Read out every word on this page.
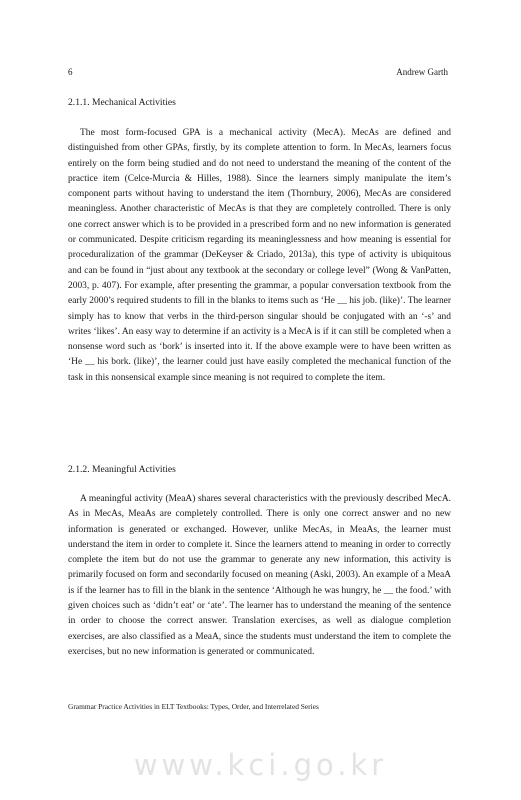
6	Andrew Garth
2.1.1. Mechanical Activities

The most form-focused GPA is a mechanical activity (MecA). MecAs are defined and distinguished from other GPAs, firstly, by its complete attention to form. In MecAs, learners focus entirely on the form being studied and do not need to understand the meaning of the content of the practice item (Celce-Murcia & Hilles, 1988). Since the learners simply manipulate the item’s component parts without having to understand the item (Thornbury, 2006), MecAs are considered meaningless. Another characteristic of MecAs is that they are completely controlled. There is only one correct answer which is to be provided in a prescribed form and no new information is generated or communicated. Despite criticism regarding its meaninglessness and how meaning is essential for proceduralization of the grammar (DeKeyser & Criado, 2013a), this type of activity is ubiquitous and can be found in “just about any textbook at the secondary or college level” (Wong & VanPatten, 2003, p. 407). For example, after presenting the grammar, a popular conversation textbook from the early 2000’s required students to fill in the blanks to items such as ‘He __ his job. (like)’. The learner simply has to know that verbs in the third-person singular should be conjugated with an ‘-s’ and writes ‘likes’. An easy way to determine if an activity is a MecA is if it can still be completed when a nonsense word such as ‘bork’ is inserted into it. If the above example were to have been written as ‘He __ his bork. (like)’, the learner could just have easily completed the mechanical function of the task in this nonsensical example since meaning is not required to complete the item.

2.1.2. Meaningful Activities

A meaningful activity (MeaA) shares several characteristics with the previously described MecA. As in MecAs, MeaAs are completely controlled. There is only one correct answer and no new information is generated or exchanged. However, unlike MecAs, in MeaAs, the learner must understand the item in order to complete it. Since the learners attend to meaning in order to correctly complete the item but do not use the grammar to generate any new information, this activity is primarily focused on form and secondarily focused on meaning (Aski, 2003). An example of a MeaA is if the learner has to fill in the blank in the sentence ‘Although he was hungry, he __ the food.’ with given choices such as ‘didn’t eat’ or ‘ate’. The learner has to understand the meaning of the sentence in order to choose the correct answer. Translation exercises, as well as dialogue completion exercises, are also classified as a MeaA, since the students must understand the item to complete the exercises, but no new information is generated or communicated.

Grammar Practice Activities in ELT Textbooks: Types, Order, and Interrelated Series
www.kci.go.kr
